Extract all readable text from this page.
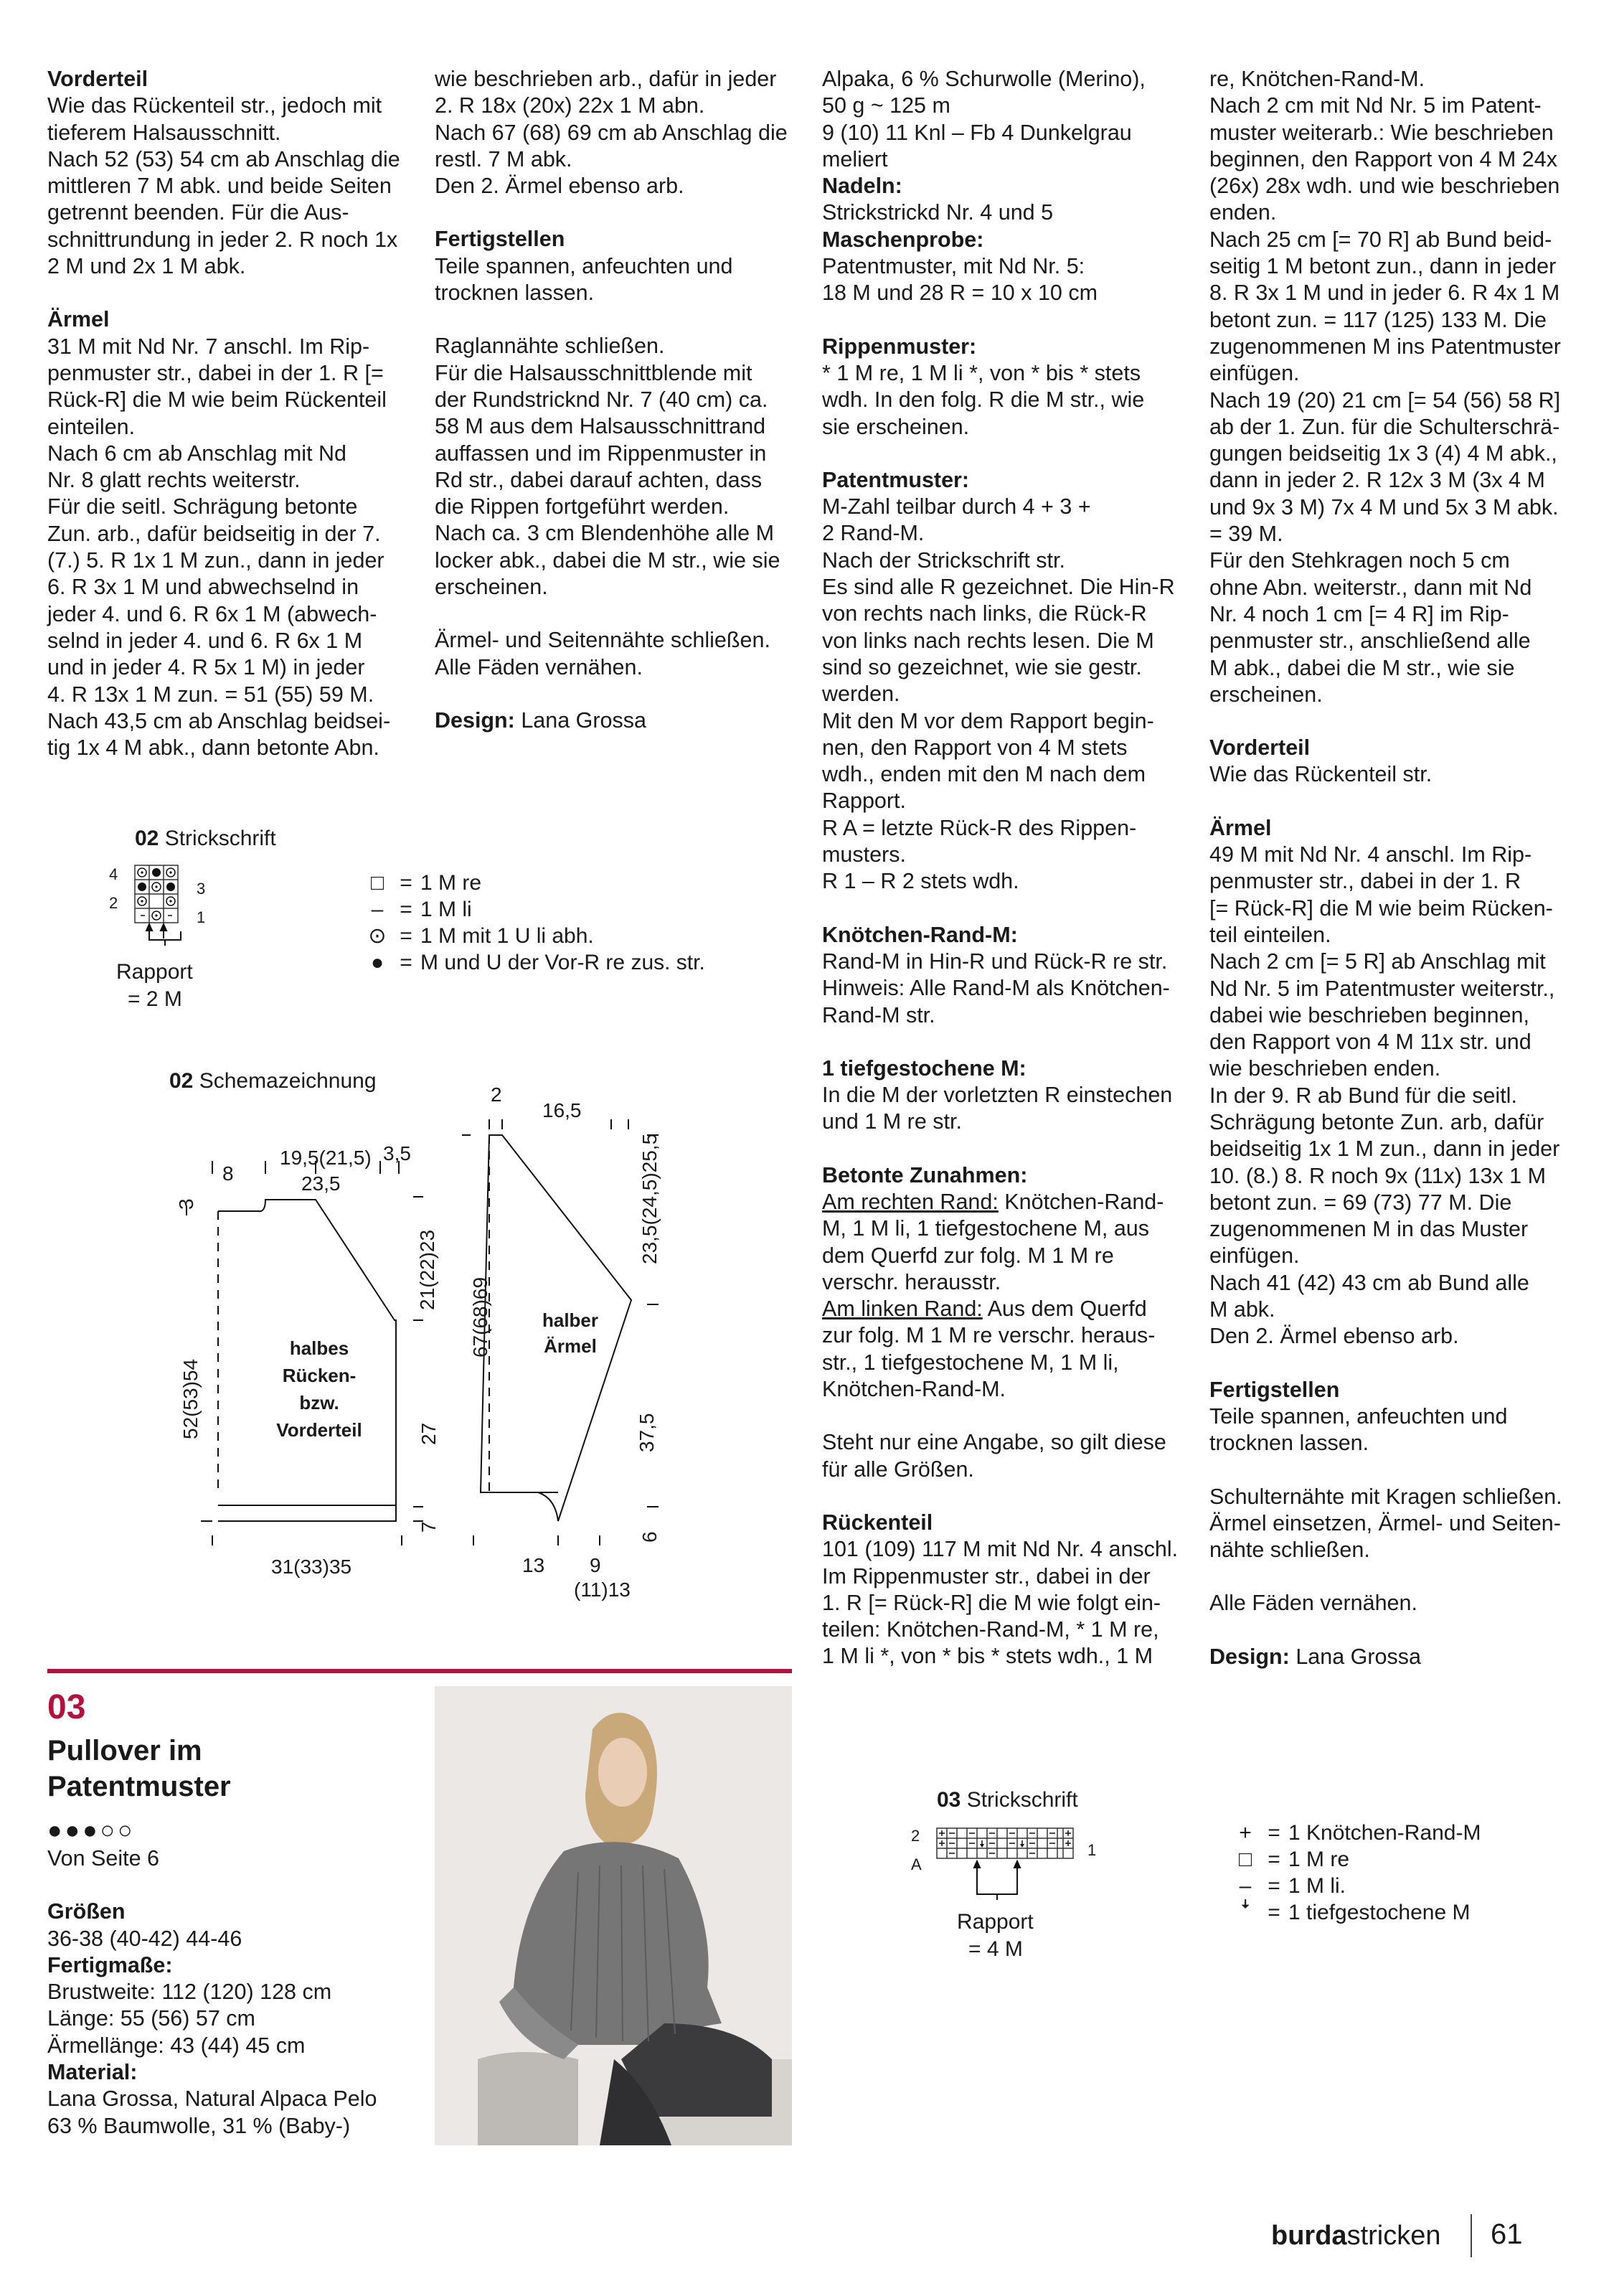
Vorderteil
Wie das Rückenteil str., jedoch mit
tieferem Halsausschnitt.
Nach 52 (53) 54 cm ab Anschlag die
mittleren 7 M abk. und beide Seiten
getrennt beenden. Für die Aus-
schnittrundung in jeder 2. R noch 1x
2 M und 2x 1 M abk.
Ärmel
31 M mit Nd Nr. 7 anschl. Im Rip-
penmuster str., dabei in der 1. R [=
Rück-R] die M wie beim Rückenteil
einteilen.
Nach 6 cm ab Anschlag mit Nd
Nr. 8 glatt rechts weiterstr.
Für die seitl. Schrägung betonte
Zun. arb., dafür beidseitig in der 7.
(7.) 5. R 1x 1 M zun., dann in jeder
6. R 3x 1 M und abwechselnd in
jeder 4. und 6. R 6x 1 M (abwech-
selnd in jeder 4. und 6. R 6x 1 M
und in jeder 4. R 5x 1 M) in jeder
4. R 13x 1 M zun. = 51 (55) 59 M.
Nach 43,5 cm ab Anschlag beidsei-
tig 1x 4 M abk., dann betonte Abn.
wie beschrieben arb., dafür in jeder
2. R 18x (20x) 22x 1 M abn.
Nach 67 (68) 69 cm ab Anschlag die
restl. 7 M abk.
Den 2. Ärmel ebenso arb.
Fertigstellen
Teile spannen, anfeuchten und
trocknen lassen.
Raglannähte schließen.
Für die Halsausschnittblende mit
der Rundstricknd Nr. 7 (40 cm) ca.
58 M aus dem Halsausschnittrand
auffassen und im Rippenmuster in
Rd str., dabei darauf achten, dass
die Rippen fortgeführt werden.
Nach ca. 3 cm Blendenhöhe alle M
locker abk., dabei die M str., wie sie
erscheinen.
Ärmel- und Seitennähte schließen.
Alle Fäden vernähen.
Design: Lana Grossa
Alpaka, 6 % Schurwolle (Merino),
50 g ~ 125 m
9 (10) 11 Knl – Fb 4 Dunkelgrau
meliert
Nadeln:
Strickstrickd Nr. 4 und 5
Maschenprobe:
Patentmuster, mit Nd Nr. 5:
18 M und 28 R = 10 x 10 cm
Rippenmuster:
* 1 M re, 1 M li *, von * bis * stets
wdh. In den folg. R die M str., wie
sie erscheinen.
Patentmuster:
M-Zahl teilbar durch 4 + 3 +
2 Rand-M.
Nach der Strickschrift str.
Es sind alle R gezeichnet. Die Hin-R
von rechts nach links, die Rück-R
von links nach rechts lesen. Die M
sind so gezeichnet, wie sie gestr.
werden.
Mit den M vor dem Rapport begin-
nen, den Rapport von 4 M stets
wdh., enden mit den M nach dem
Rapport.
R A = letzte Rück-R des Rippen-
musters.
R 1 – R 2 stets wdh.
Knötchen-Rand-M:
Rand-M in Hin-R und Rück-R re str.
Hinweis: Alle Rand-M als Knötchen-
Rand-M str.
1 tiefgestochene M:
In die M der vorletzten R einstechen
und 1 M re str.
Betonte Zunahmen:
Am rechten Rand: Knötchen-Rand-
M, 1 M li, 1 tiefgestochene M, aus
dem Querfd zur folg. M 1 M re
verschr. herausstr.
Am linken Rand: Aus dem Querfd
zur folg. M 1 M re verschr. heraus-
str., 1 tiefgestochene M, 1 M li,
Knötchen-Rand-M.
Steht nur eine Angabe, so gilt diese
für alle Größen.
Rückenteil
101 (109) 117 M mit Nd Nr. 4 anschl.
Im Rippenmuster str., dabei in der
1. R [= Rück-R] die M wie folgt ein-
teilen: Knötchen-Rand-M, * 1 M re,
1 M li *, von * bis * stets wdh., 1 M
re, Knötchen-Rand-M.
Nach 2 cm mit Nd Nr. 5 im Patent-
muster weiterarb.: Wie beschrieben
beginnen, den Rapport von 4 M 24x
(26x) 28x wdh. und wie beschrieben
enden.
Nach 25 cm [= 70 R] ab Bund beid-
seitig 1 M betont zun., dann in jeder
8. R 3x 1 M und in jeder 6. R 4x 1 M
betont zun. = 117 (125) 133 M. Die
zugenommenen M ins Patentmuster
einfügen.
Nach 19 (20) 21 cm [= 54 (56) 58 R]
ab der 1. Zun. für die Schulterschrä-
gungen beidseitig 1x 3 (4) 4 M abk.,
dann in jeder 2. R 12x 3 M (3x 4 M
und 9x 3 M) 7x 4 M und 5x 3 M abk.
= 39 M.
Für den Stehkragen noch 5 cm
ohne Abn. weiterstr., dann mit Nd
Nr. 4 noch 1 cm [= 4 R] im Rip-
penmuster str., anschließend alle
M abk., dabei die M str., wie sie
erscheinen.
Vorderteil
Wie das Rückenteil str.
Ärmel
49 M mit Nd Nr. 4 anschl. Im Rip-
penmuster str., dabei in der 1. R
[= Rück-R] die M wie beim Rücken-
teil einteilen.
Nach 2 cm [= 5 R] ab Anschlag mit
Nd Nr. 5 im Patentmuster weiterstr.,
dabei wie beschrieben beginnen,
den Rapport von 4 M 11x str. und
wie beschrieben enden.
In der 9. R ab Bund für die seitl.
Schrägung betonte Zun. arb, dafür
beidseitig 1x 1 M zun., dann in jeder
10. (8.) 8. R noch 9x (11x) 13x 1 M
betont zun. = 69 (73) 77 M. Die
zugenommenen M in das Muster
einfügen.
Nach 41 (42) 43 cm ab Bund alle
M abk.
Den 2. Ärmel ebenso arb.
Fertigstellen
Teile spannen, anfeuchten und
trocknen lassen.
Schulternähte mit Kragen schließen.
Ärmel einsetzen, Ärmel- und Seiten-
nähte schließen.
Alle Fäden vernähen.
Design: Lana Grossa
02 Strickschrift
4
2
3
1
Rapport
= 2 M
□ = 1 M re
– = 1 M li
⊙ = 1 M mit 1 U li abh.
● = M und U der Vor-R re zus. str.
02 Schemazeichnung
8
19,5(21,5)
23,5
3,5
3
52(53)54
21(22)23
27
7
31(33)35
halbes
Rücken-
bzw.
Vorderteil
2
16,5
67(68)69	halber
Ärmel
23,5(24,5)25,5
37,5
6
13 9
(11)13
03
Pullover im
Patentmuster
●●●○○
Von Seite 6
Größen
36-38 (40-42) 44-46
Fertigmaße:
Brustweite: 112 (120) 128 cm
Länge: 55 (56) 57 cm
Ärmellänge: 43 (44) 45 cm
Material:
Lana Grossa, Natural Alpaca Pelo
63 % Baumwolle, 31 % (Baby-)
03 Strickschrift
2
A
1
Rapport
= 4 M
+ = 1 Knötchen-Rand-M
□ = 1 M re
– = 1 M li.
ꜜ = 1 tiefgestochene M
burdastricken 61
